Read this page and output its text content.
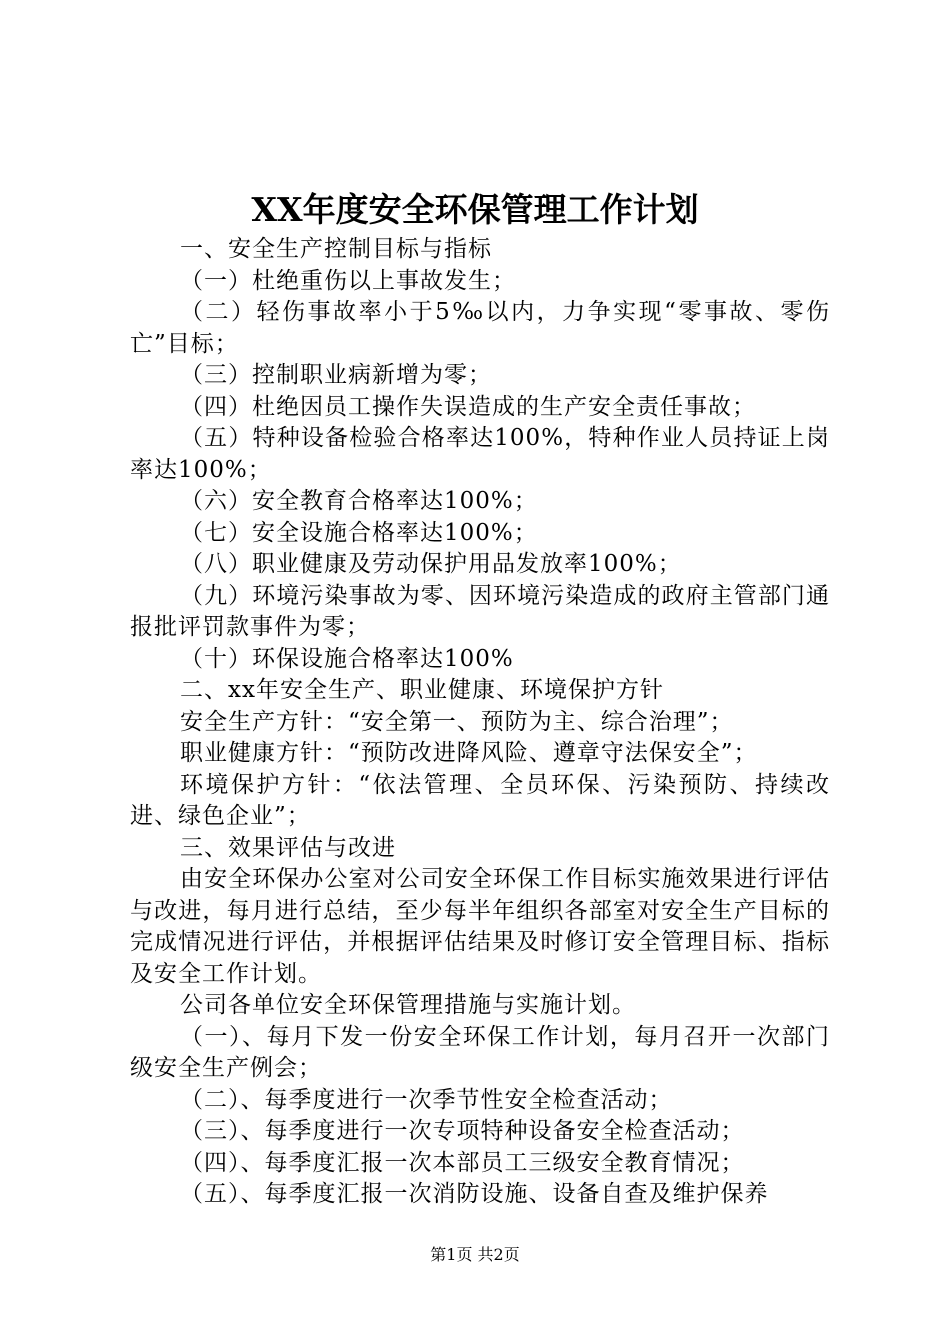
XX年度安全环保管理工作计划

一、安全生产控制目标与指标

（一）杜绝重伤以上事故发生；

（二）轻伤事故率小于5‰以内，力争实现“零事故、零伤亡”目标；

（三）控制职业病新增为零；

（四）杜绝因员工操作失误造成的生产安全责任事故；

（五）特种设备检验合格率达100%，特种作业人员持证上岗率达100%；

（六）安全教育合格率达100%；

（七）安全设施合格率达100%；

（八）职业健康及劳动保护用品发放率100%；

（九）环境污染事故为零、因环境污染造成的政府主管部门通报批评罚款事件为零；

（十）环保设施合格率达100%

二、xx年安全生产、职业健康、环境保护方针

安全生产方针：“安全第一、预防为主、综合治理”；

职业健康方针：“预防改进降风险、遵章守法保安全”；

环境保护方针：“依法管理、全员环保、污染预防、持续改进、绿色企业”；

三、效果评估与改进

由安全环保办公室对公司安全环保工作目标实施效果进行评估与改进，每月进行总结，至少每半年组织各部室对安全生产目标的完成情况进行评估，并根据评估结果及时修订安全管理目标、指标及安全工作计划。

公司各单位安全环保管理措施与实施计划。

（一）、每月下发一份安全环保工作计划，每月召开一次部门级安全生产例会；

（二）、每季度进行一次季节性安全检查活动；

（三）、每季度进行一次专项特种设备安全检查活动；

（四）、每季度汇报一次本部员工三级安全教育情况；

（五）、每季度汇报一次消防设施、设备自查及维护保养

第1页 共2页
